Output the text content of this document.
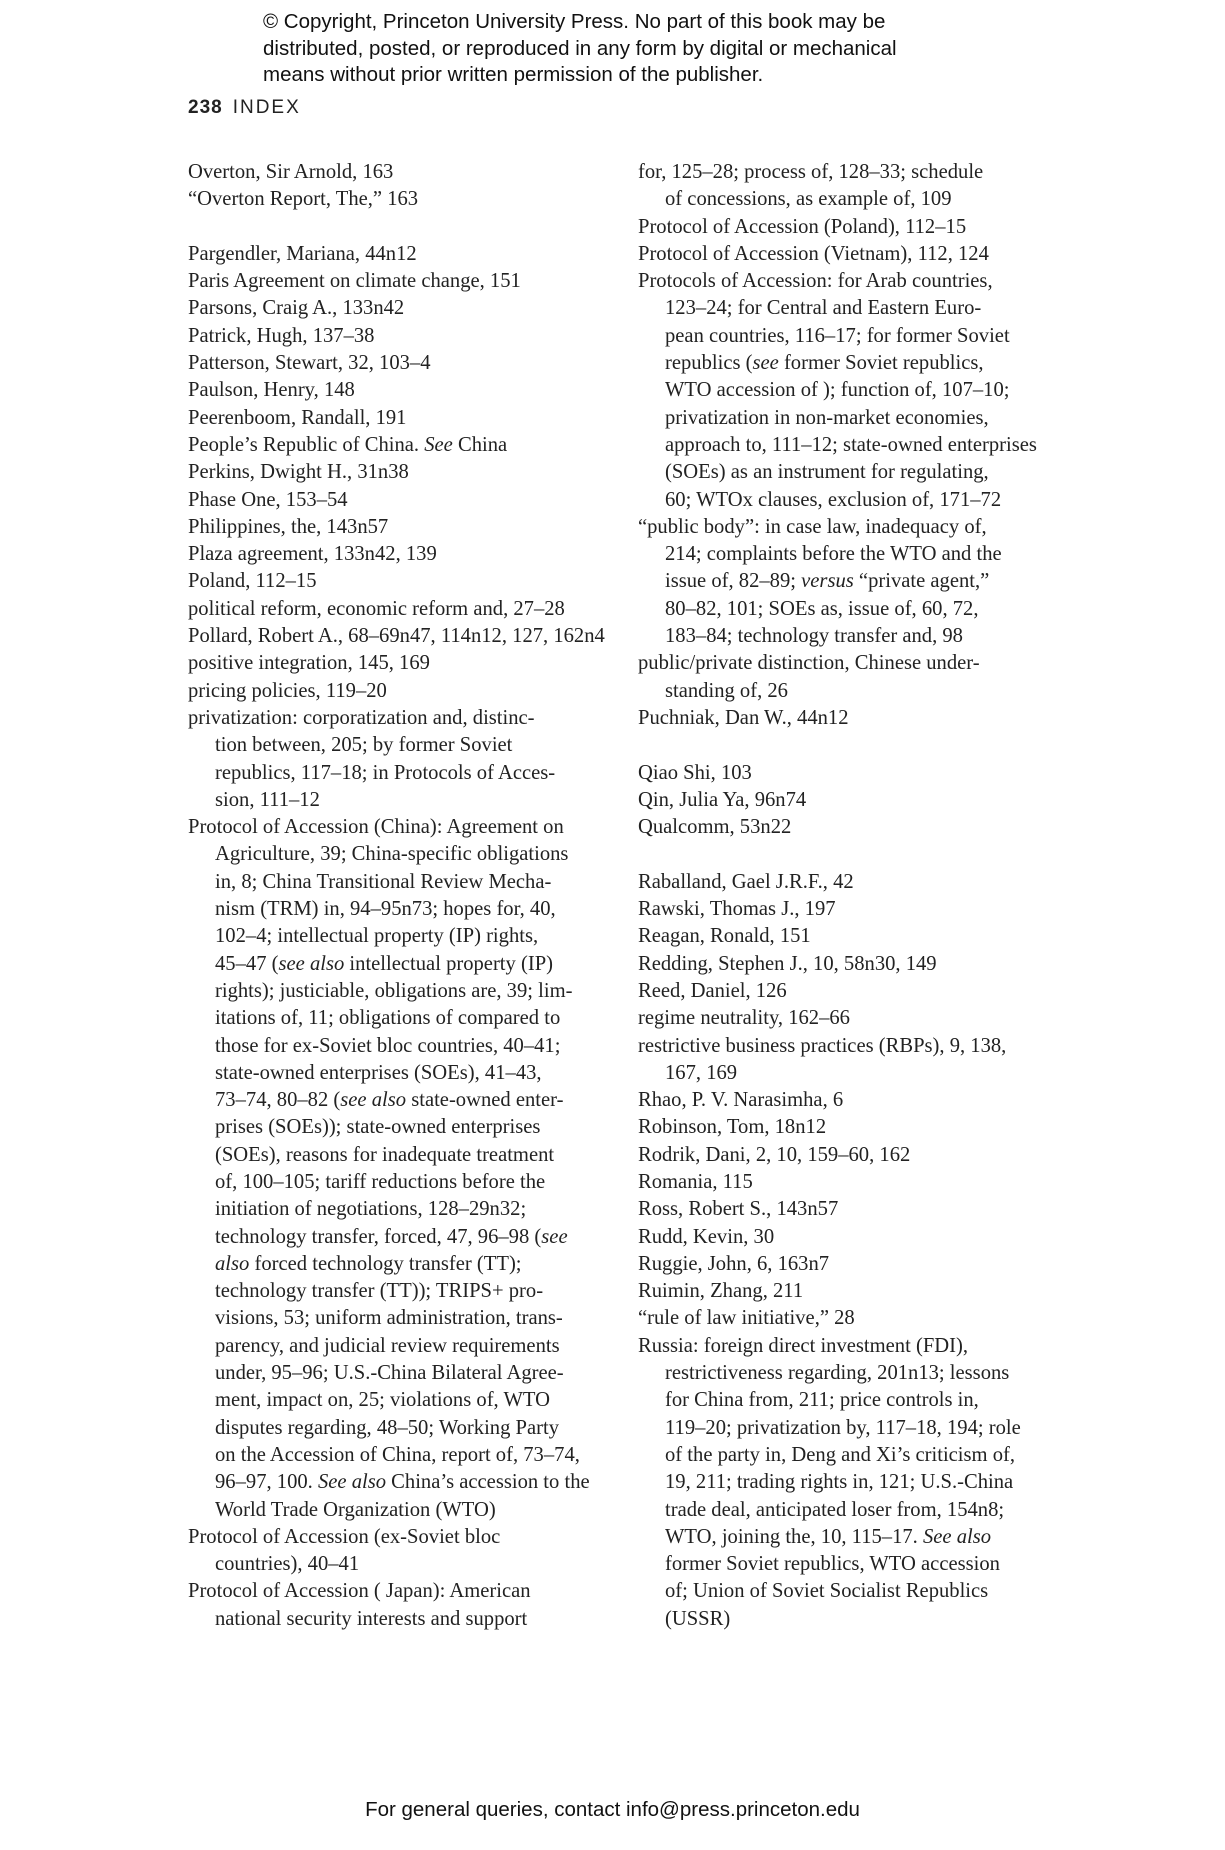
© Copyright, Princeton University Press. No part of this book may be
distributed, posted, or reproduced in any form by digital or mechanical
means without prior written permission of the publisher.
238 INDEX
Overton, Sir Arnold, 163
“Overton Report, The,” 163
Pargendler, Mariana, 44n12
Paris Agreement on climate change, 151
Parsons, Craig A., 133n42
Patrick, Hugh, 137–38
Patterson, Stewart, 32, 103–4
Paulson, Henry, 148
Peerenboom, Randall, 191
People’s Republic of China. See China
Perkins, Dwight H., 31n38
Phase One, 153–54
Philippines, the, 143n57
Plaza agreement, 133n42, 139
Poland, 112–15
political reform, economic reform and, 27–28
Pollard, Robert A., 68–69n47, 114n12, 127, 162n4
positive integration, 145, 169
pricing policies, 119–20
privatization: corporatization and, distinc-
tion between, 205; by former Soviet
republics, 117–18; in Protocols of Acces-
sion, 111–12
Protocol of Accession (China): Agreement on
Agriculture, 39; China-specific obligations
in, 8; China Transitional Review Mecha-
nism (TRM) in, 94–95n73; hopes for, 40,
102–4; intellectual property (IP) rights,
45–47 (see also intellectual property (IP)
rights); justiciable, obligations are, 39; lim-
itations of, 11; obligations of compared to
those for ex-Soviet bloc countries, 40–41;
state-owned enterprises (SOEs), 41–43,
73–74, 80–82 (see also state-owned enter-
prises (SOEs)); state-owned enterprises
(SOEs), reasons for inadequate treatment
of, 100–105; tariff reductions before the
initiation of negotiations, 128–29n32;
technology transfer, forced, 47, 96–98 (see
also forced technology transfer (TT);
technology transfer (TT)); TRIPS+ pro-
visions, 53; uniform administration, trans-
parency, and judicial review requirements
under, 95–96; U.S.-China Bilateral Agree-
ment, impact on, 25; violations of, WTO
disputes regarding, 48–50; Working Party
on the Accession of China, report of, 73–74,
96–97, 100. See also China’s accession to the
World Trade Organization (WTO)
Protocol of Accession (ex-Soviet bloc
countries), 40–41
Protocol of Accession ( Japan): American
national security interests and support
for, 125–28; process of, 128–33; schedule
of concessions, as example of, 109
Protocol of Accession (Poland), 112–15
Protocol of Accession (Vietnam), 112, 124
Protocols of Accession: for Arab countries,
123–24; for Central and Eastern Euro-
pean countries, 116–17; for former Soviet
republics (see former Soviet republics,
WTO accession of ); function of, 107–10;
privatization in non-market economies,
approach to, 111–12; state-owned enterprises
(SOEs) as an instrument for regulating,
60; WTOx clauses, exclusion of, 171–72
“public body”: in case law, inadequacy of,
214; complaints before the WTO and the
issue of, 82–89; versus “private agent,”
80–82, 101; SOEs as, issue of, 60, 72,
183–84; technology transfer and, 98
public/private distinction, Chinese under-
standing of, 26
Puchniak, Dan W., 44n12
Qiao Shi, 103
Qin, Julia Ya, 96n74
Qualcomm, 53n22
Raballand, Gael J.R.F., 42
Rawski, Thomas J., 197
Reagan, Ronald, 151
Redding, Stephen J., 10, 58n30, 149
Reed, Daniel, 126
regime neutrality, 162–66
restrictive business practices (RBPs), 9, 138,
167, 169
Rhao, P. V. Narasimha, 6
Robinson, Tom, 18n12
Rodrik, Dani, 2, 10, 159–60, 162
Romania, 115
Ross, Robert S., 143n57
Rudd, Kevin, 30
Ruggie, John, 6, 163n7
Ruimin, Zhang, 211
“rule of law initiative,” 28
Russia: foreign direct investment (FDI),
restrictiveness regarding, 201n13; lessons
for China from, 211; price controls in,
119–20; privatization by, 117–18, 194; role
of the party in, Deng and Xi’s criticism of,
19, 211; trading rights in, 121; U.S.-China
trade deal, anticipated loser from, 154n8;
WTO, joining the, 10, 115–17. See also
former Soviet republics, WTO accession
of; Union of Soviet Socialist Republics
(USSR)
For general queries, contact info@press.princeton.edu
